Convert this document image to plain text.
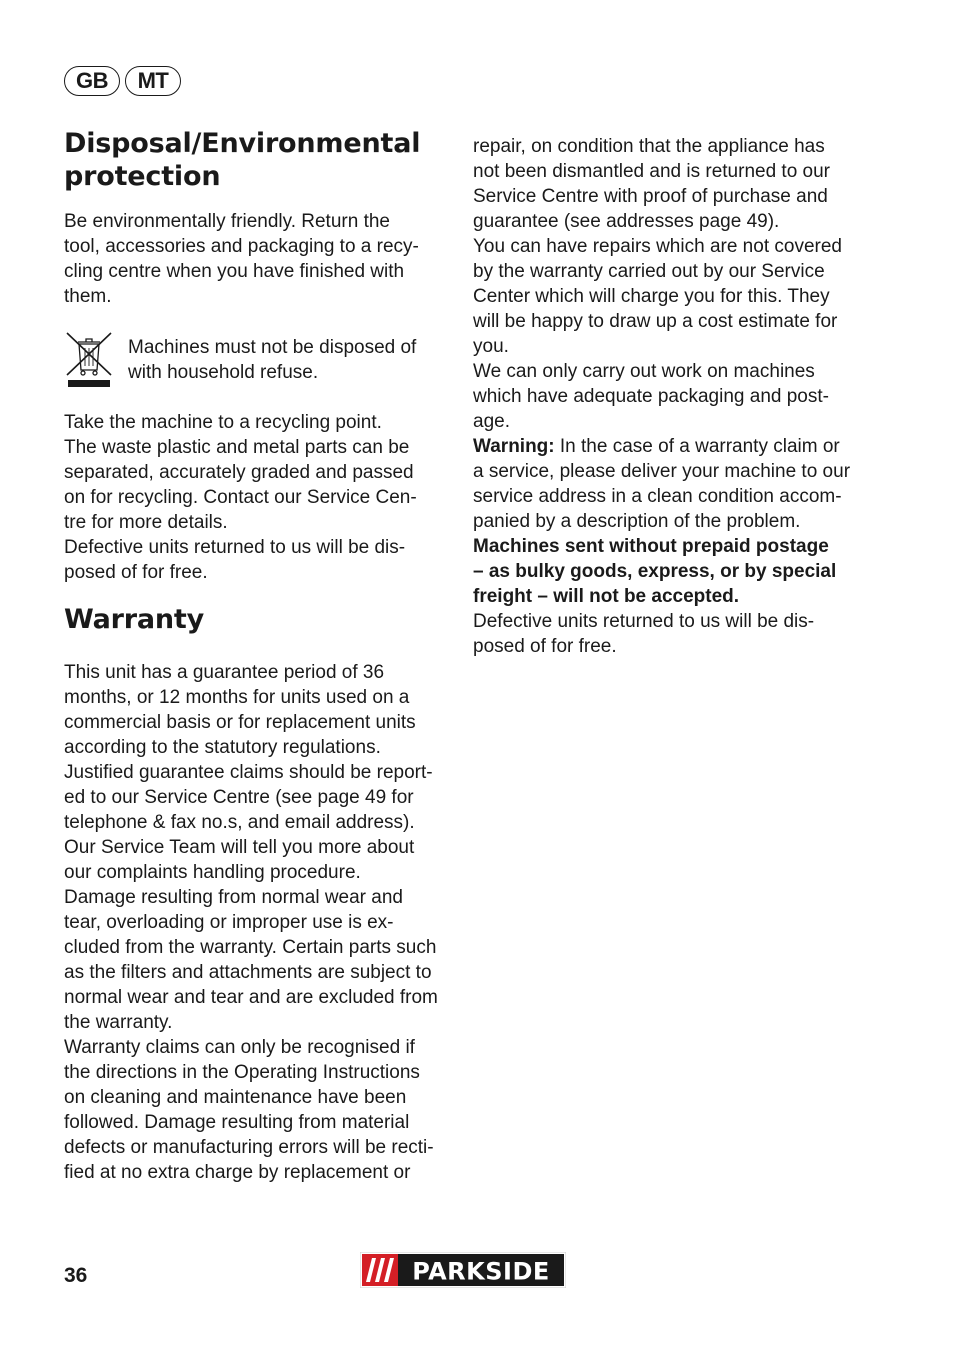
GB	MT
Disposal/Environmental protection

Be environmentally friendly. Return the

tool, accessories and packaging to a recy-

cling centre when you have finished with

them.

Machines must not be disposed of

with household refuse.

Take the machine to a recycling point.

The waste plastic and metal parts can be

separated, accurately graded and passed

on for recycling. Contact our Service Cen-

tre for more details.

Defective units returned to us will be dis-

posed of for free.

Warranty

This unit has a guarantee period of 36

months, or 12 months for units used on a

commercial basis or for replacement units

according to the statutory regulations.

Justified guarantee claims should be report-

ed to our Service Centre (see page 49 for

telephone & fax no.s, and email address).

Our Service Team will tell you more about

our complaints handling procedure.

Damage resulting from normal wear and

tear, overloading or improper use is ex-

cluded from the warranty. Certain parts such

as the filters and attachments are subject to

normal wear and tear and are excluded from

the warranty.

Warranty claims can only be recognised if

the directions in the Operating Instructions

on cleaning and maintenance have been

followed. Damage resulting from material

defects or manufacturing errors will be recti-

fied at no extra charge by replacement or

repair, on condition that the appliance has

not been dismantled and is returned to our

Service Centre with proof of purchase and

guarantee (see addresses page 49).

You can have repairs which are not covered

by the warranty carried out by our Service

Center which will charge you for this. They

will be happy to draw up a cost estimate for

you.

We can only carry out work on machines

which have adequate packaging and post-

age.

Warning: In the case of a warranty claim or

a service, please deliver your machine to our

service address in a clean condition accom-

panied by a description of the problem.

Machines sent without prepaid postage

– as bulky goods, express, or by special

freight – will not be accepted.

Defective units returned to us will be dis-

posed of for free.

36	PARKSIDE
